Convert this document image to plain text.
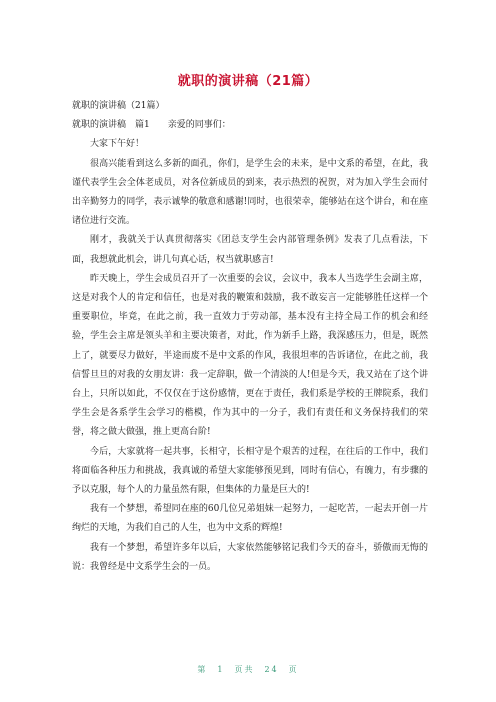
就职的演讲稿（21篇）

就职的演讲稿（21篇）

就职的演讲稿　篇1　　亲爱的同事们：

大家下午好！

很高兴能看到这么多新的面孔，你们，是学生会的未来，是中文系的希望，在此，我谨代表学生会全体老成员，对各位新成员的到来，表示热烈的祝贺，对为加入学生会而付出辛勤努力的同学，表示诚挚的敬意和感谢!同时，也很荣幸，能够站在这个讲台，和在座诸位进行交流。

刚才，我就关于认真贯彻落实《团总支学生会内部管理条例》发表了几点看法，下面，我想就此机会，讲几句真心话，权当就职感言!

昨天晚上，学生会成员召开了一次重要的会议，会议中，我本人当选学生会副主席，这是对我个人的肯定和信任，也是对我的鞭策和鼓励，我不敢妄言一定能够胜任这样一个重要职位，毕竟，在此之前，我一直效力于劳动部，基本没有主持全局工作的机会和经验，学生会主席是领头羊和主要决策者，对此，作为新手上路，我深感压力，但是，既然上了，就要尽力做好，半途而废不是中文系的作风，我很坦率的告诉诸位，在此之前，我信誓旦旦的对我的女朋友讲：我一定辞职，做一个清淡的人!但是今天，我又站在了这个讲台上，只所以如此，不仅仅在于这份感情，更在于责任，我们系是学校的王牌院系，我们学生会是各系学生会学习的楷模，作为其中的一分子，我们有责任和义务保持我们的荣誉，将之做大做强，推上更高台阶!

今后，大家就将一起共事，长相守，长相守是个艰苦的过程，在往后的工作中，我们将面临各种压力和挑战，我真诚的希望大家能够预见到，同时有信心，有魄力，有步骤的予以克服，每个人的力量虽然有限，但集体的力量是巨大的!

我有一个梦想，希望同在座的60几位兄弟姐妹一起努力，一起吃苦，一起去开创一片绚烂的天地，为我们自己的人生，也为中文系的辉煌!

我有一个梦想，希望许多年以后，大家依然能够铭记我们今天的奋斗，骄傲而无悔的说：我曾经是中文系学生会的一员。

第　1　页共　24　页
